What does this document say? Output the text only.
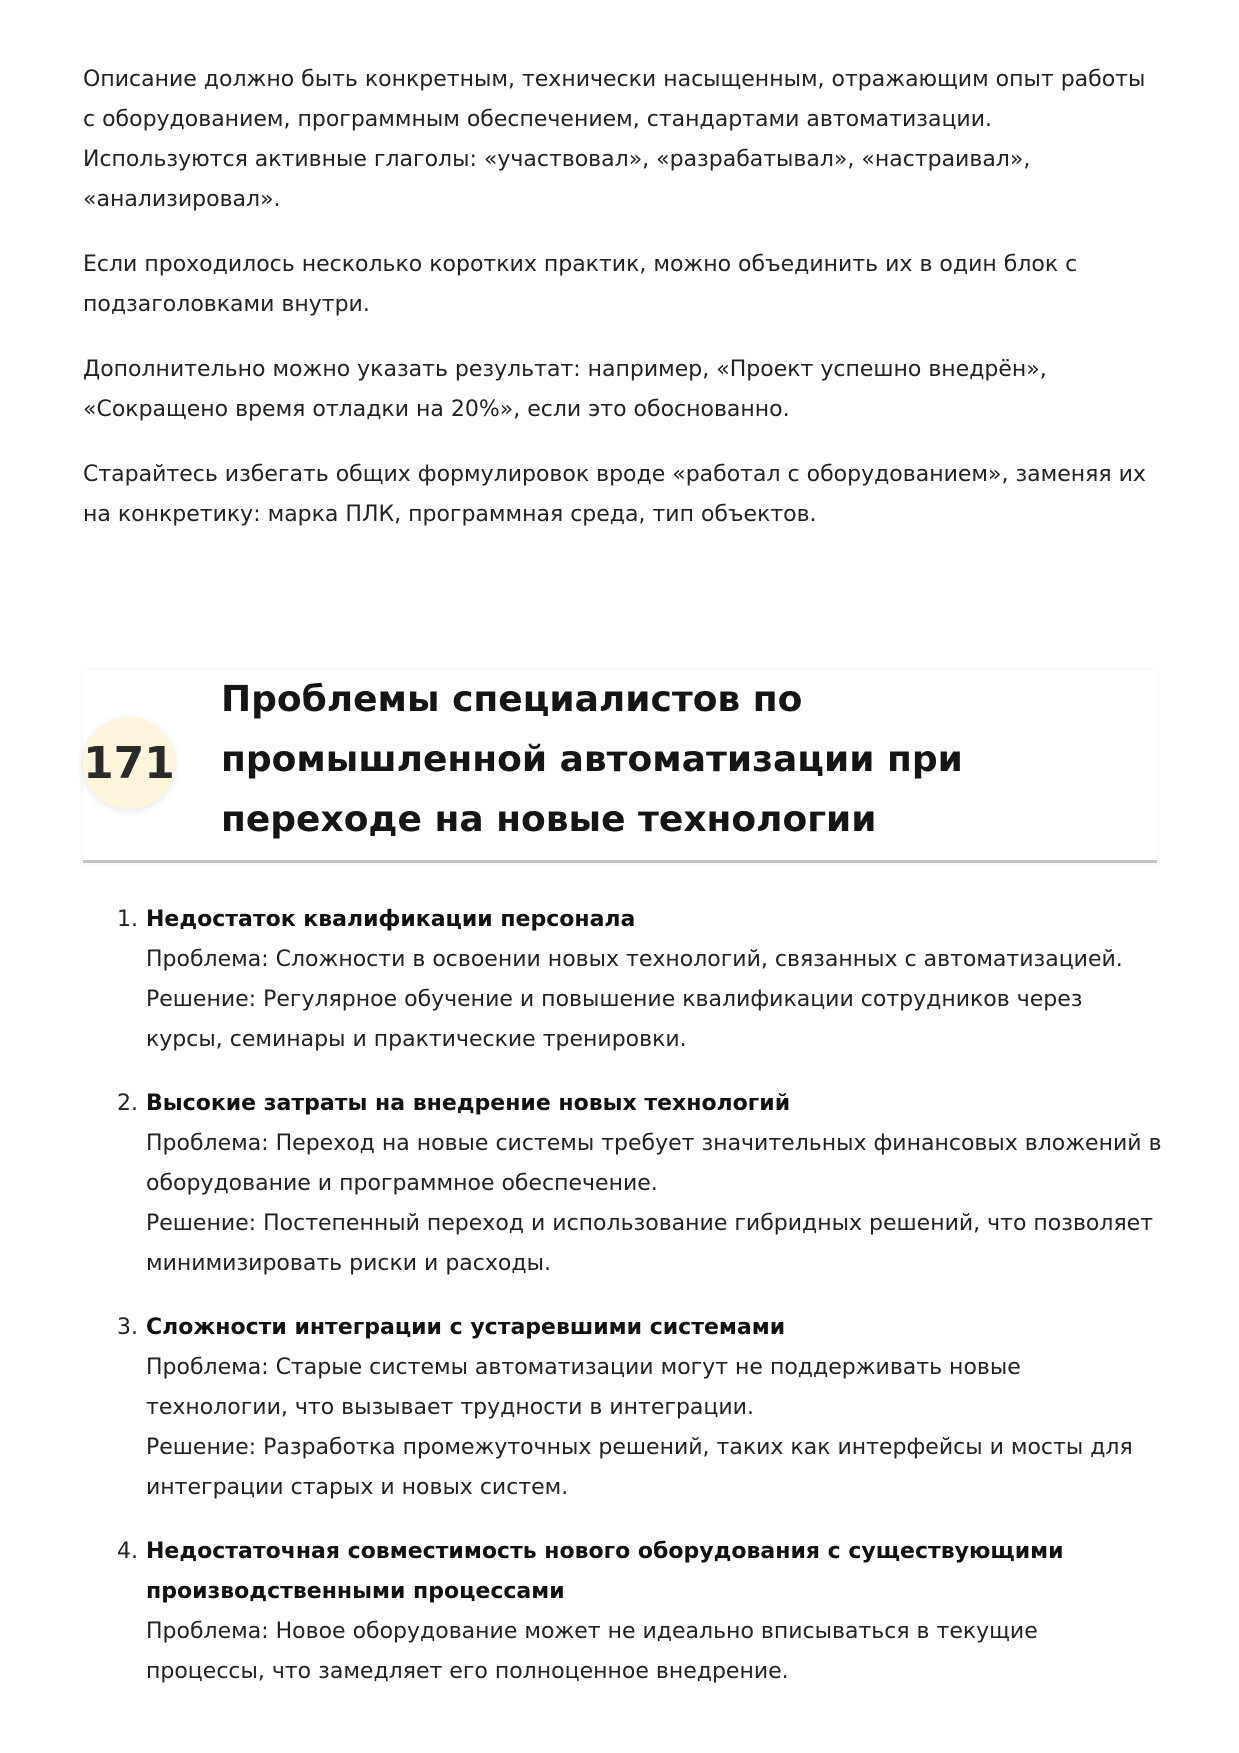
Описание должно быть конкретным, технически насыщенным, отражающим опыт работы с оборудованием, программным обеспечением, стандартами автоматизации. Используются активные глаголы: «участвовал», «разрабатывал», «настраивал», «анализировал».

Если проходилось несколько коротких практик, можно объединить их в один блок с подзаголовками внутри.

Дополнительно можно указать результат: например, «Проект успешно внедрён», «Сокращено время отладки на 20%», если это обоснованно.

Старайтесь избегать общих формулировок вроде «работал с оборудованием», заменяя их на конкретику: марка ПЛК, программная среда, тип объектов.

171
Проблемы специалистов по промышленной автоматизации при переходе на новые технологии
1. Недостаток квалификации персонала
Проблема: Сложности в освоении новых технологий, связанных с автоматизацией.
Решение: Регулярное обучение и повышение квалификации сотрудников через курсы, семинары и практические тренировки.
2. Высокие затраты на внедрение новых технологий
Проблема: Переход на новые системы требует значительных финансовых вложений в оборудование и программное обеспечение.
Решение: Постепенный переход и использование гибридных решений, что позволяет минимизировать риски и расходы.
3. Сложности интеграции с устаревшими системами
Проблема: Старые системы автоматизации могут не поддерживать новые технологии, что вызывает трудности в интеграции.
Решение: Разработка промежуточных решений, таких как интерфейсы и мосты для интеграции старых и новых систем.
4. Недостаточная совместимость нового оборудования с существующими производственными процессами
Проблема: Новое оборудование может не идеально вписываться в текущие процессы, что замедляет его полноценное внедрение.
